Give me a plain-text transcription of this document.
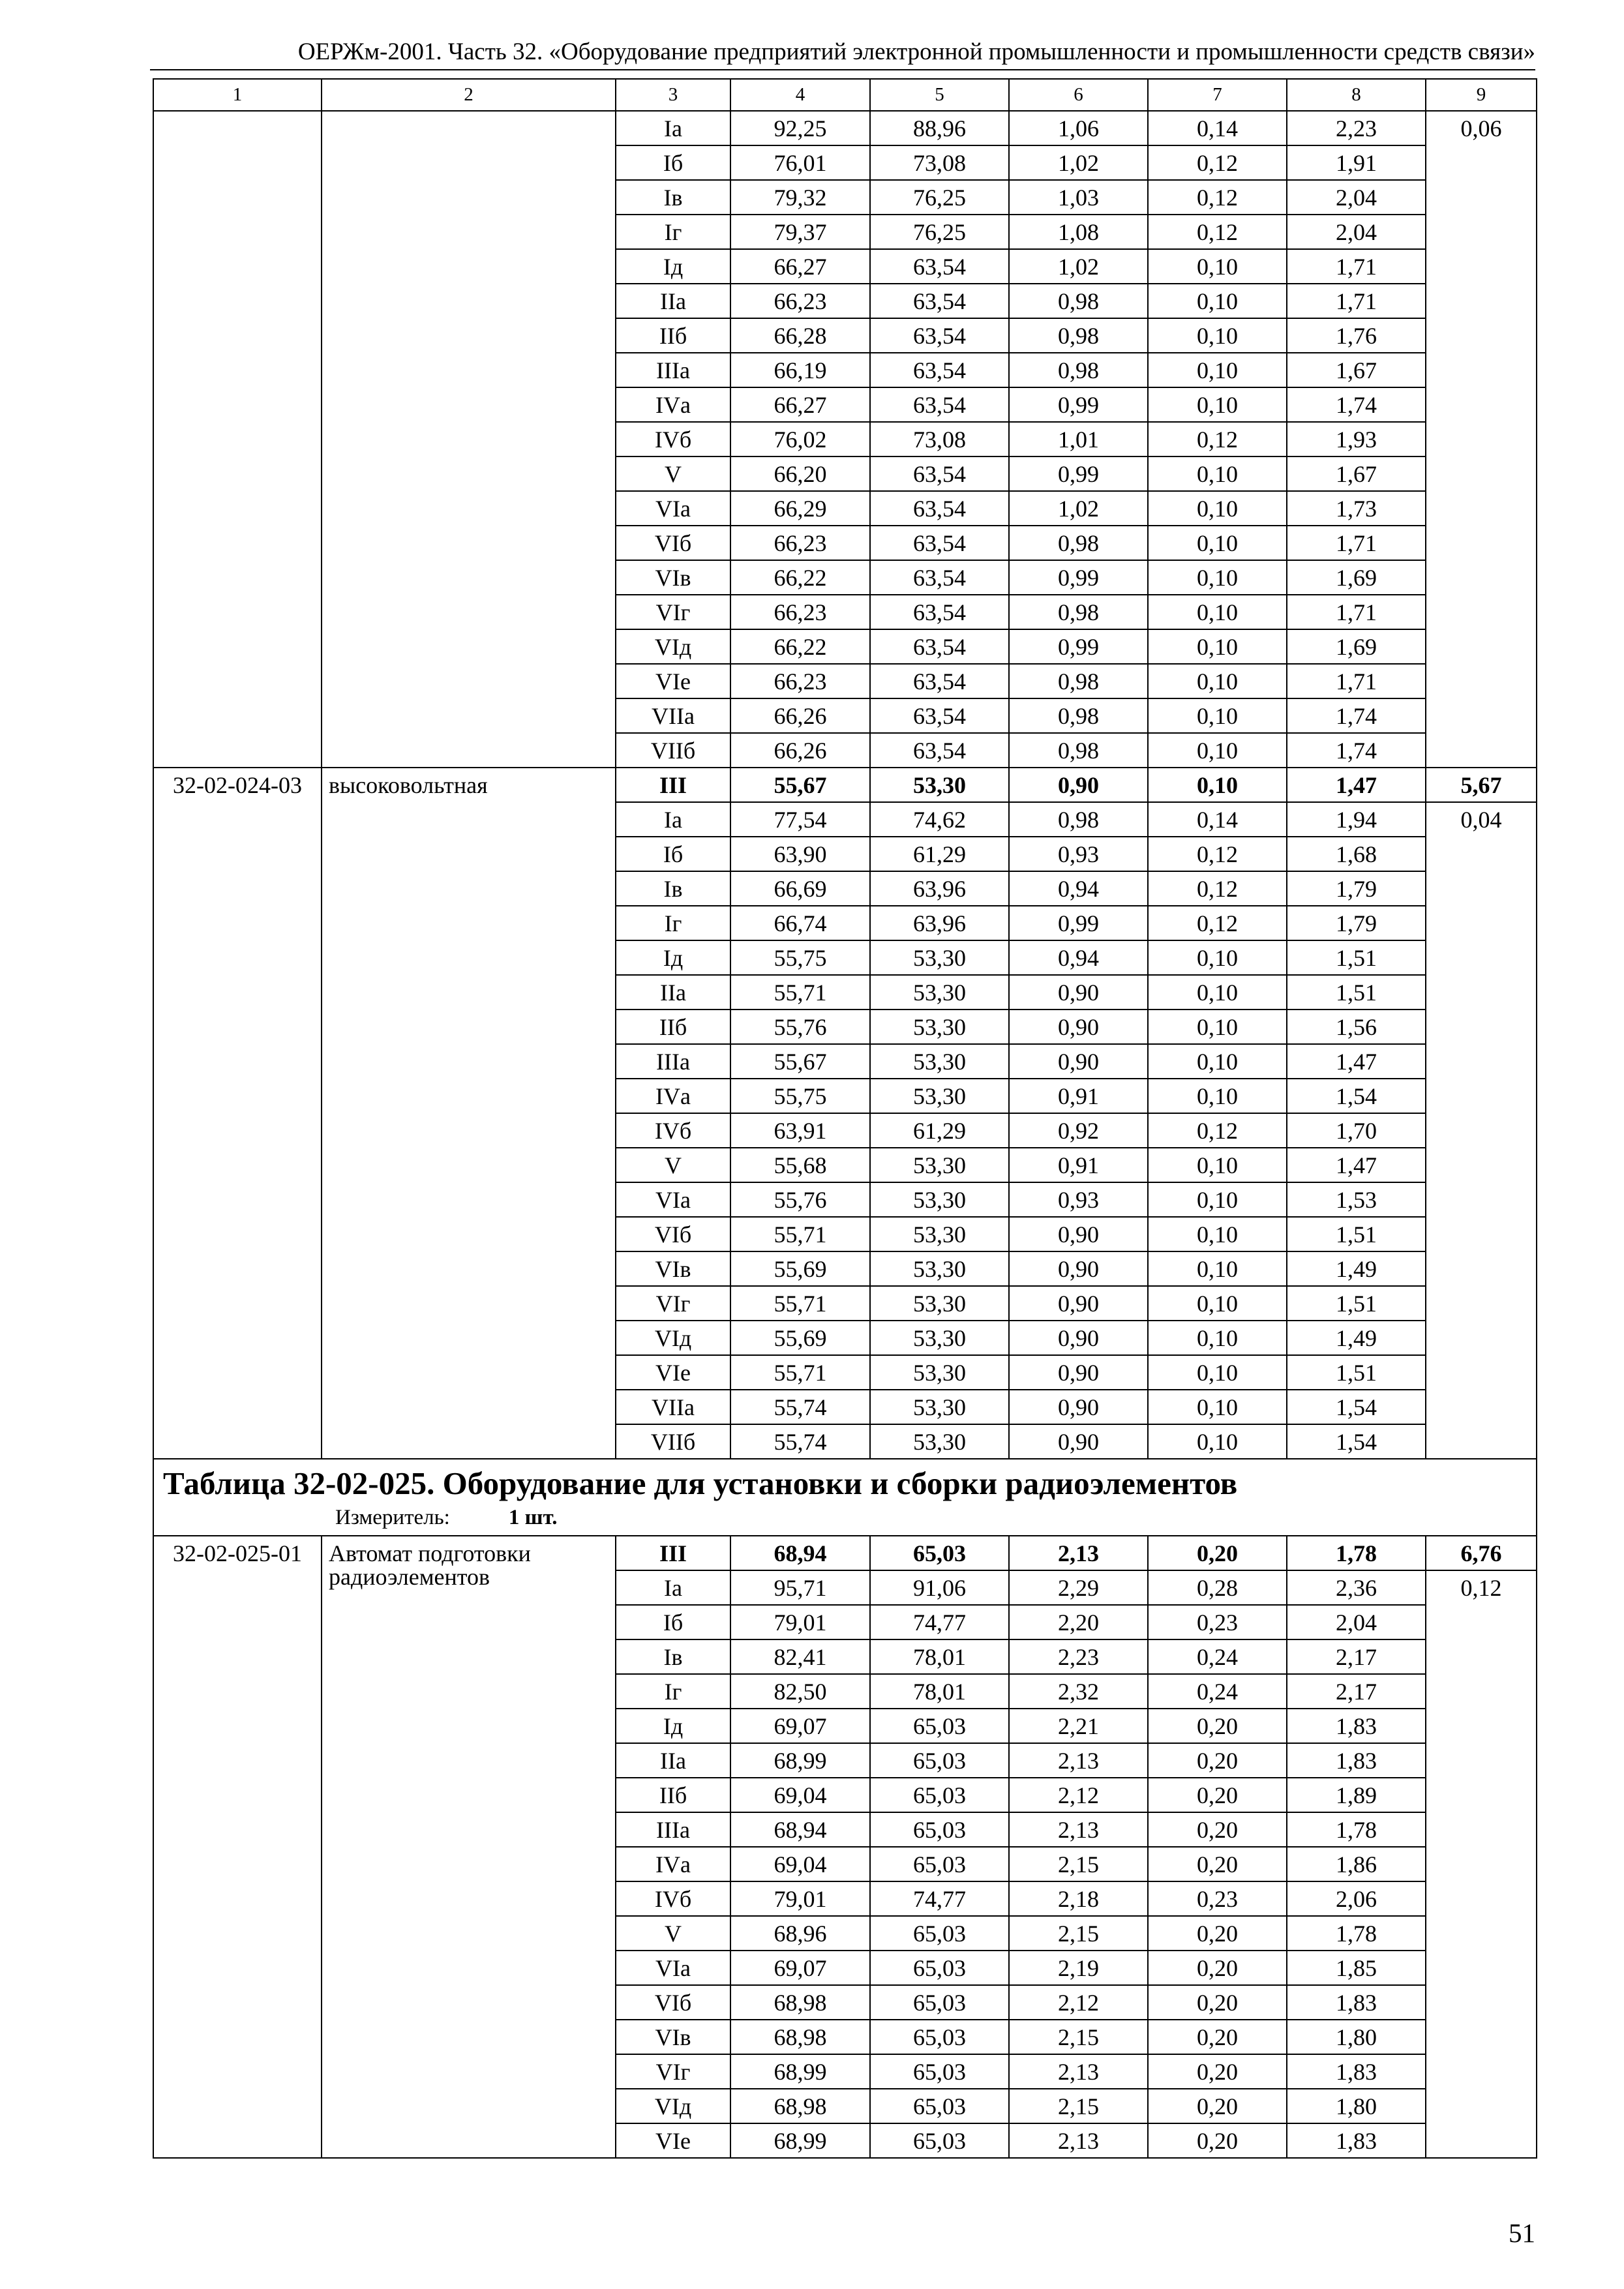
ОЕРЖм-2001. Часть 32. «Оборудование предприятий электронной промышленности и промышленности средств связи»
1	2	3	4	5	6	7	8	9
		Iа	92,25	88,96	1,06	0,14	2,23	0,06
		Iб	76,01	73,08	1,02	0,12	1,91	
		Iв	79,32	76,25	1,03	0,12	2,04	
		Iг	79,37	76,25	1,08	0,12	2,04	
		Iд	66,27	63,54	1,02	0,10	1,71	
		IIа	66,23	63,54	0,98	0,10	1,71	
		IIб	66,28	63,54	0,98	0,10	1,76	
		IIIа	66,19	63,54	0,98	0,10	1,67	
		IVа	66,27	63,54	0,99	0,10	1,74	
		IVб	76,02	73,08	1,01	0,12	1,93	
		V	66,20	63,54	0,99	0,10	1,67	
		VIа	66,29	63,54	1,02	0,10	1,73	
		VIб	66,23	63,54	0,98	0,10	1,71	
		VIв	66,22	63,54	0,99	0,10	1,69	
		VIг	66,23	63,54	0,98	0,10	1,71	
		VIд	66,22	63,54	0,99	0,10	1,69	
		VIе	66,23	63,54	0,98	0,10	1,71	
		VIIа	66,26	63,54	0,98	0,10	1,74	
		VIIб	66,26	63,54	0,98	0,10	1,74	
32-02-024-03	высоковольтная	III	55,67	53,30	0,90	0,10	1,47	5,67
		Iа	77,54	74,62	0,98	0,14	1,94	0,04
		Iб	63,90	61,29	0,93	0,12	1,68	
		Iв	66,69	63,96	0,94	0,12	1,79	
		Iг	66,74	63,96	0,99	0,12	1,79	
		Iд	55,75	53,30	0,94	0,10	1,51	
		IIа	55,71	53,30	0,90	0,10	1,51	
		IIб	55,76	53,30	0,90	0,10	1,56	
		IIIа	55,67	53,30	0,90	0,10	1,47	
		IVа	55,75	53,30	0,91	0,10	1,54	
		IVб	63,91	61,29	0,92	0,12	1,70	
		V	55,68	53,30	0,91	0,10	1,47	
		VIа	55,76	53,30	0,93	0,10	1,53	
		VIб	55,71	53,30	0,90	0,10	1,51	
		VIв	55,69	53,30	0,90	0,10	1,49	
		VIг	55,71	53,30	0,90	0,10	1,51	
		VIд	55,69	53,30	0,90	0,10	1,49	
		VIе	55,71	53,30	0,90	0,10	1,51	
		VIIа	55,74	53,30	0,90	0,10	1,54	
		VIIб	55,74	53,30	0,90	0,10	1,54	

Таблица 32-02-025. Оборудование для установки и сборки радиоэлементов
Измеритель: 1 шт.								

32-02-025-01	Автомат подготовки радиоэлементов	III	68,94	65,03	2,13	0,20	1,78	6,76
		Iа	95,71	91,06	2,29	0,28	2,36	0,12
		Iб	79,01	74,77	2,20	0,23	2,04	
		Iв	82,41	78,01	2,23	0,24	2,17	
		Iг	82,50	78,01	2,32	0,24	2,17	
		Iд	69,07	65,03	2,21	0,20	1,83	
		IIа	68,99	65,03	2,13	0,20	1,83	
		IIб	69,04	65,03	2,12	0,20	1,89	
		IIIа	68,94	65,03	2,13	0,20	1,78	
		IVа	69,04	65,03	2,15	0,20	1,86	
		IVб	79,01	74,77	2,18	0,23	2,06	
		V	68,96	65,03	2,15	0,20	1,78	
		VIа	69,07	65,03	2,19	0,20	1,85	
		VIб	68,98	65,03	2,12	0,20	1,83	
		VIв	68,98	65,03	2,15	0,20	1,80	
		VIг	68,99	65,03	2,13	0,20	1,83	
		VIд	68,98	65,03	2,15	0,20	1,80	
		VIе	68,99	65,03	2,13	0,20	1,83	
51
